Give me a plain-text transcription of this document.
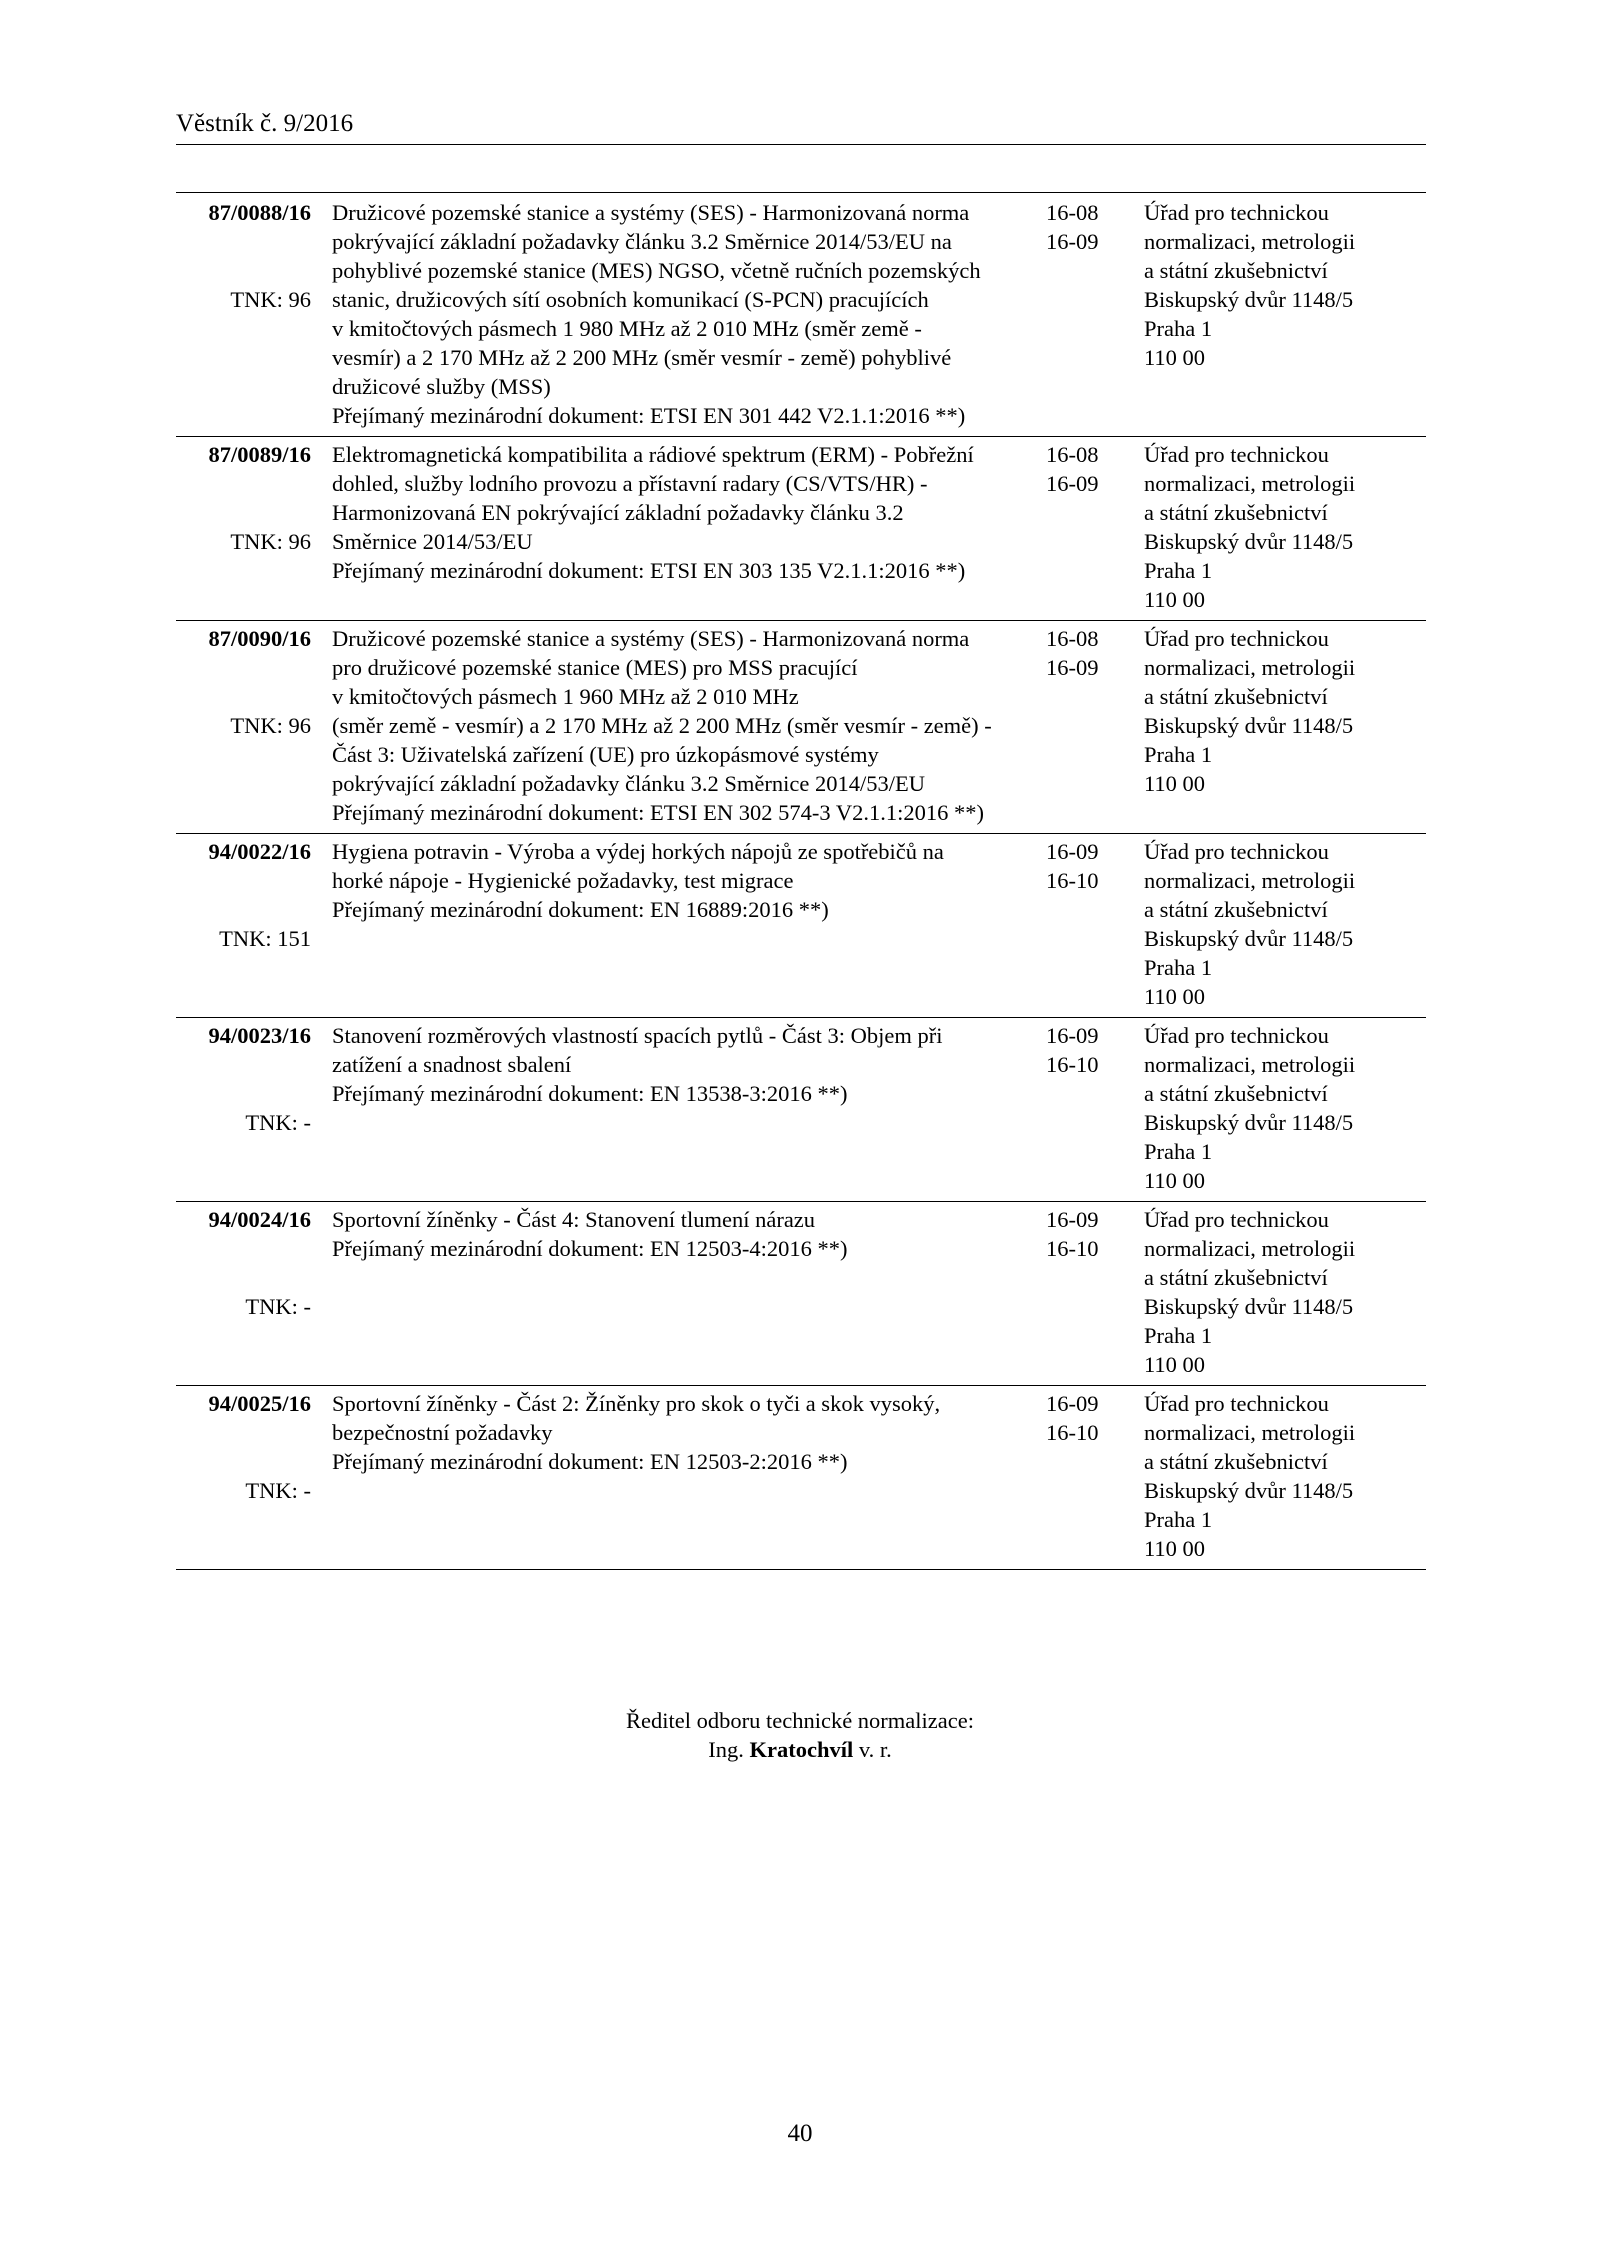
Věstník č. 9/2016
87/0088/16
TNK: 96
Družicové pozemské stanice a systémy (SES) - Harmonizovaná norma
pokrývající základní požadavky článku 3.2 Směrnice 2014/53/EU na
pohyblivé pozemské stanice (MES) NGSO, včetně ručních pozemských
stanic, družicových sítí osobních komunikací (S-PCN) pracujících
v kmitočtových pásmech 1 980 MHz až 2 010 MHz (směr země -
vesmír) a 2 170 MHz až 2 200 MHz (směr vesmír - země) pohyblivé
družicové služby (MSS)
Přejímaný mezinárodní dokument: ETSI EN 301 442 V2.1.1:2016 **)
16-08
16-09
Úřad pro technickou
normalizaci, metrologii
a státní zkušebnictví
Biskupský dvůr 1148/5
Praha 1
110 00
87/0089/16
TNK: 96
Elektromagnetická kompatibilita a rádiové spektrum (ERM) - Pobřežní
dohled, služby lodního provozu a přístavní radary (CS/VTS/HR) -
Harmonizovaná EN pokrývající základní požadavky článku 3.2
Směrnice 2014/53/EU
Přejímaný mezinárodní dokument: ETSI EN 303 135 V2.1.1:2016 **)
16-08
16-09
Úřad pro technickou
normalizaci, metrologii
a státní zkušebnictví
Biskupský dvůr 1148/5
Praha 1
110 00
87/0090/16
TNK: 96
Družicové pozemské stanice a systémy (SES) - Harmonizovaná norma
pro družicové pozemské stanice (MES) pro MSS pracující
v kmitočtových pásmech 1 960 MHz až 2 010 MHz
(směr země - vesmír) a 2 170 MHz až 2 200 MHz (směr vesmír - země) -
Část 3: Uživatelská zařízení (UE) pro úzkopásmové systémy
pokrývající základní požadavky článku 3.2 Směrnice 2014/53/EU
Přejímaný mezinárodní dokument: ETSI EN 302 574-3 V2.1.1:2016 **)
16-08
16-09
Úřad pro technickou
normalizaci, metrologii
a státní zkušebnictví
Biskupský dvůr 1148/5
Praha 1
110 00
94/0022/16
TNK: 151
Hygiena potravin - Výroba a výdej horkých nápojů ze spotřebičů na
horké nápoje - Hygienické požadavky, test migrace
Přejímaný mezinárodní dokument: EN 16889:2016 **)
16-09
16-10
Úřad pro technickou
normalizaci, metrologii
a státní zkušebnictví
Biskupský dvůr 1148/5
Praha 1
110 00
94/0023/16
TNK: -
Stanovení rozměrových vlastností spacích pytlů - Část 3: Objem při
zatížení a snadnost sbalení
Přejímaný mezinárodní dokument: EN 13538-3:2016 **)
16-09
16-10
Úřad pro technickou
normalizaci, metrologii
a státní zkušebnictví
Biskupský dvůr 1148/5
Praha 1
110 00
94/0024/16
TNK: -
Sportovní žíněnky - Část 4: Stanovení tlumení nárazu
Přejímaný mezinárodní dokument: EN 12503-4:2016 **)
16-09
16-10
Úřad pro technickou
normalizaci, metrologii
a státní zkušebnictví
Biskupský dvůr 1148/5
Praha 1
110 00
94/0025/16
TNK: -
Sportovní žíněnky - Část 2: Žíněnky pro skok o tyči a skok vysoký,
bezpečnostní požadavky
Přejímaný mezinárodní dokument: EN 12503-2:2016 **)
16-09
16-10
Úřad pro technickou
normalizaci, metrologii
a státní zkušebnictví
Biskupský dvůr 1148/5
Praha 1
110 00
Ředitel odboru technické normalizace:
Ing. Kratochvíl v. r.
40
